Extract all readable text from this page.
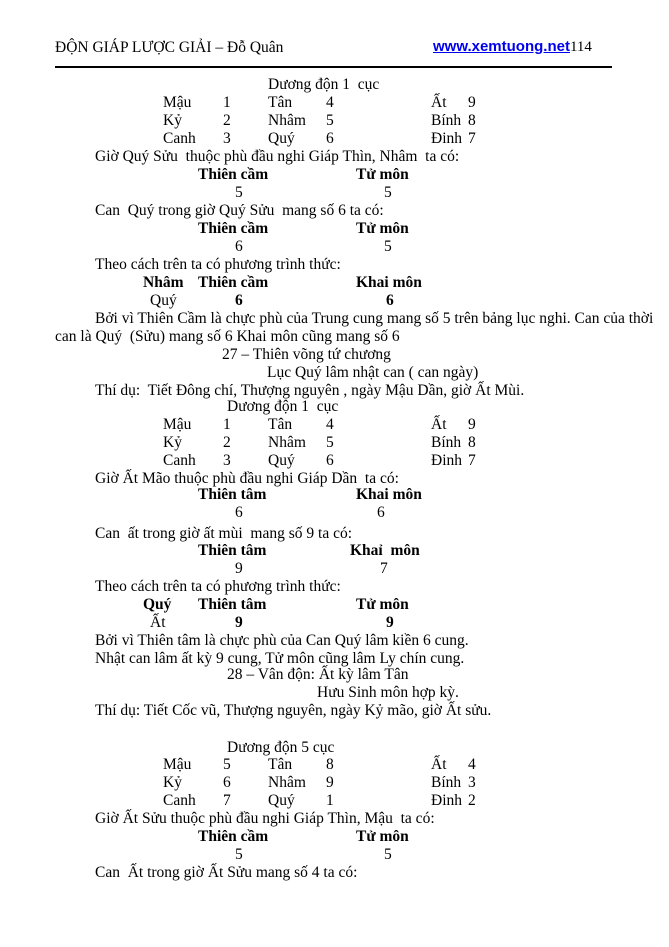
ĐỘN GIÁP LƯỢC GIẢI – Đỗ Quân	www.xemtuong.net114
Dương độn 1  cục

Mậu 1 Tân 4	Ất 9

Kỷ	2 Nhâm 5	Bính 8

Canh 3 Quý 6	Đinh 7

Giờ Quý Sửu  thuộc phù đầu nghi Giáp Thìn, Nhâm  ta có:
Thiên cầm	Tử môn
5	5
Can  Quý trong giờ Quý Sửu  mang số 6 ta có:
Thiên cầm	Tử môn
6	5
Theo cách trên ta có phương trình thức:
Nhâm Thiên cầm	Khai môn
Quý	6	6
Bởi vì Thiên Cầm là chực phù của Trung cung mang số 5 trên bảng lục nghi. Can của thời
can là Quý  (Sửu) mang số 6 Khai môn cũng mang số 6
27 – Thiên võng tứ chương
Lục Quý lâm nhật can ( can ngày)
Thí dụ:  Tiết Đông chí, Thượng nguyên , ngày Mậu Dần, giờ Ất Mùi.
Dương độn 1  cục

Mậu 1 Tân 4	Ất 9

Kỷ	2 Nhâm 5	Bính 8

Canh 3 Quý 6	Đinh 7

Giờ Ất Mão thuộc phù đầu nghi Giáp Dần  ta có:
Thiên tâm	Khai môn
6	6
Can  ất trong giờ ất mùi  mang số 9 ta có:
Thiên tâm	Khaỉ  môn
9	7
Theo cách trên ta có phương trình thức:
Quý Thiên tâm	Tử môn
Ất	9	9
Bởi vì Thiên tâm là chực phù của Can Quý lâm kiền 6 cung.
Nhật can lâm ất kỳ 9 cung, Tử môn cũng lâm Ly chín cung.
28 – Vân độn: Ất kỳ lâm Tân
Hưu Sinh môn hợp kỳ.
Thí dụ: Tiết Cốc vũ, Thượng nguyên, ngày Kỷ mão, giờ Ất sửu.
Dương độn 5 cục

Mậu 5 Tân 8	Ất 4

Kỷ	6 Nhâm 9	Bính 3

Canh 7 Quý 1	Đinh 2

Giờ Ất Sửu thuộc phù đầu nghi Giáp Thìn, Mậu  ta có:
Thiên cầm	Tử môn
5	5
Can  Ất trong giờ Ất Sửu mang số 4 ta có:
